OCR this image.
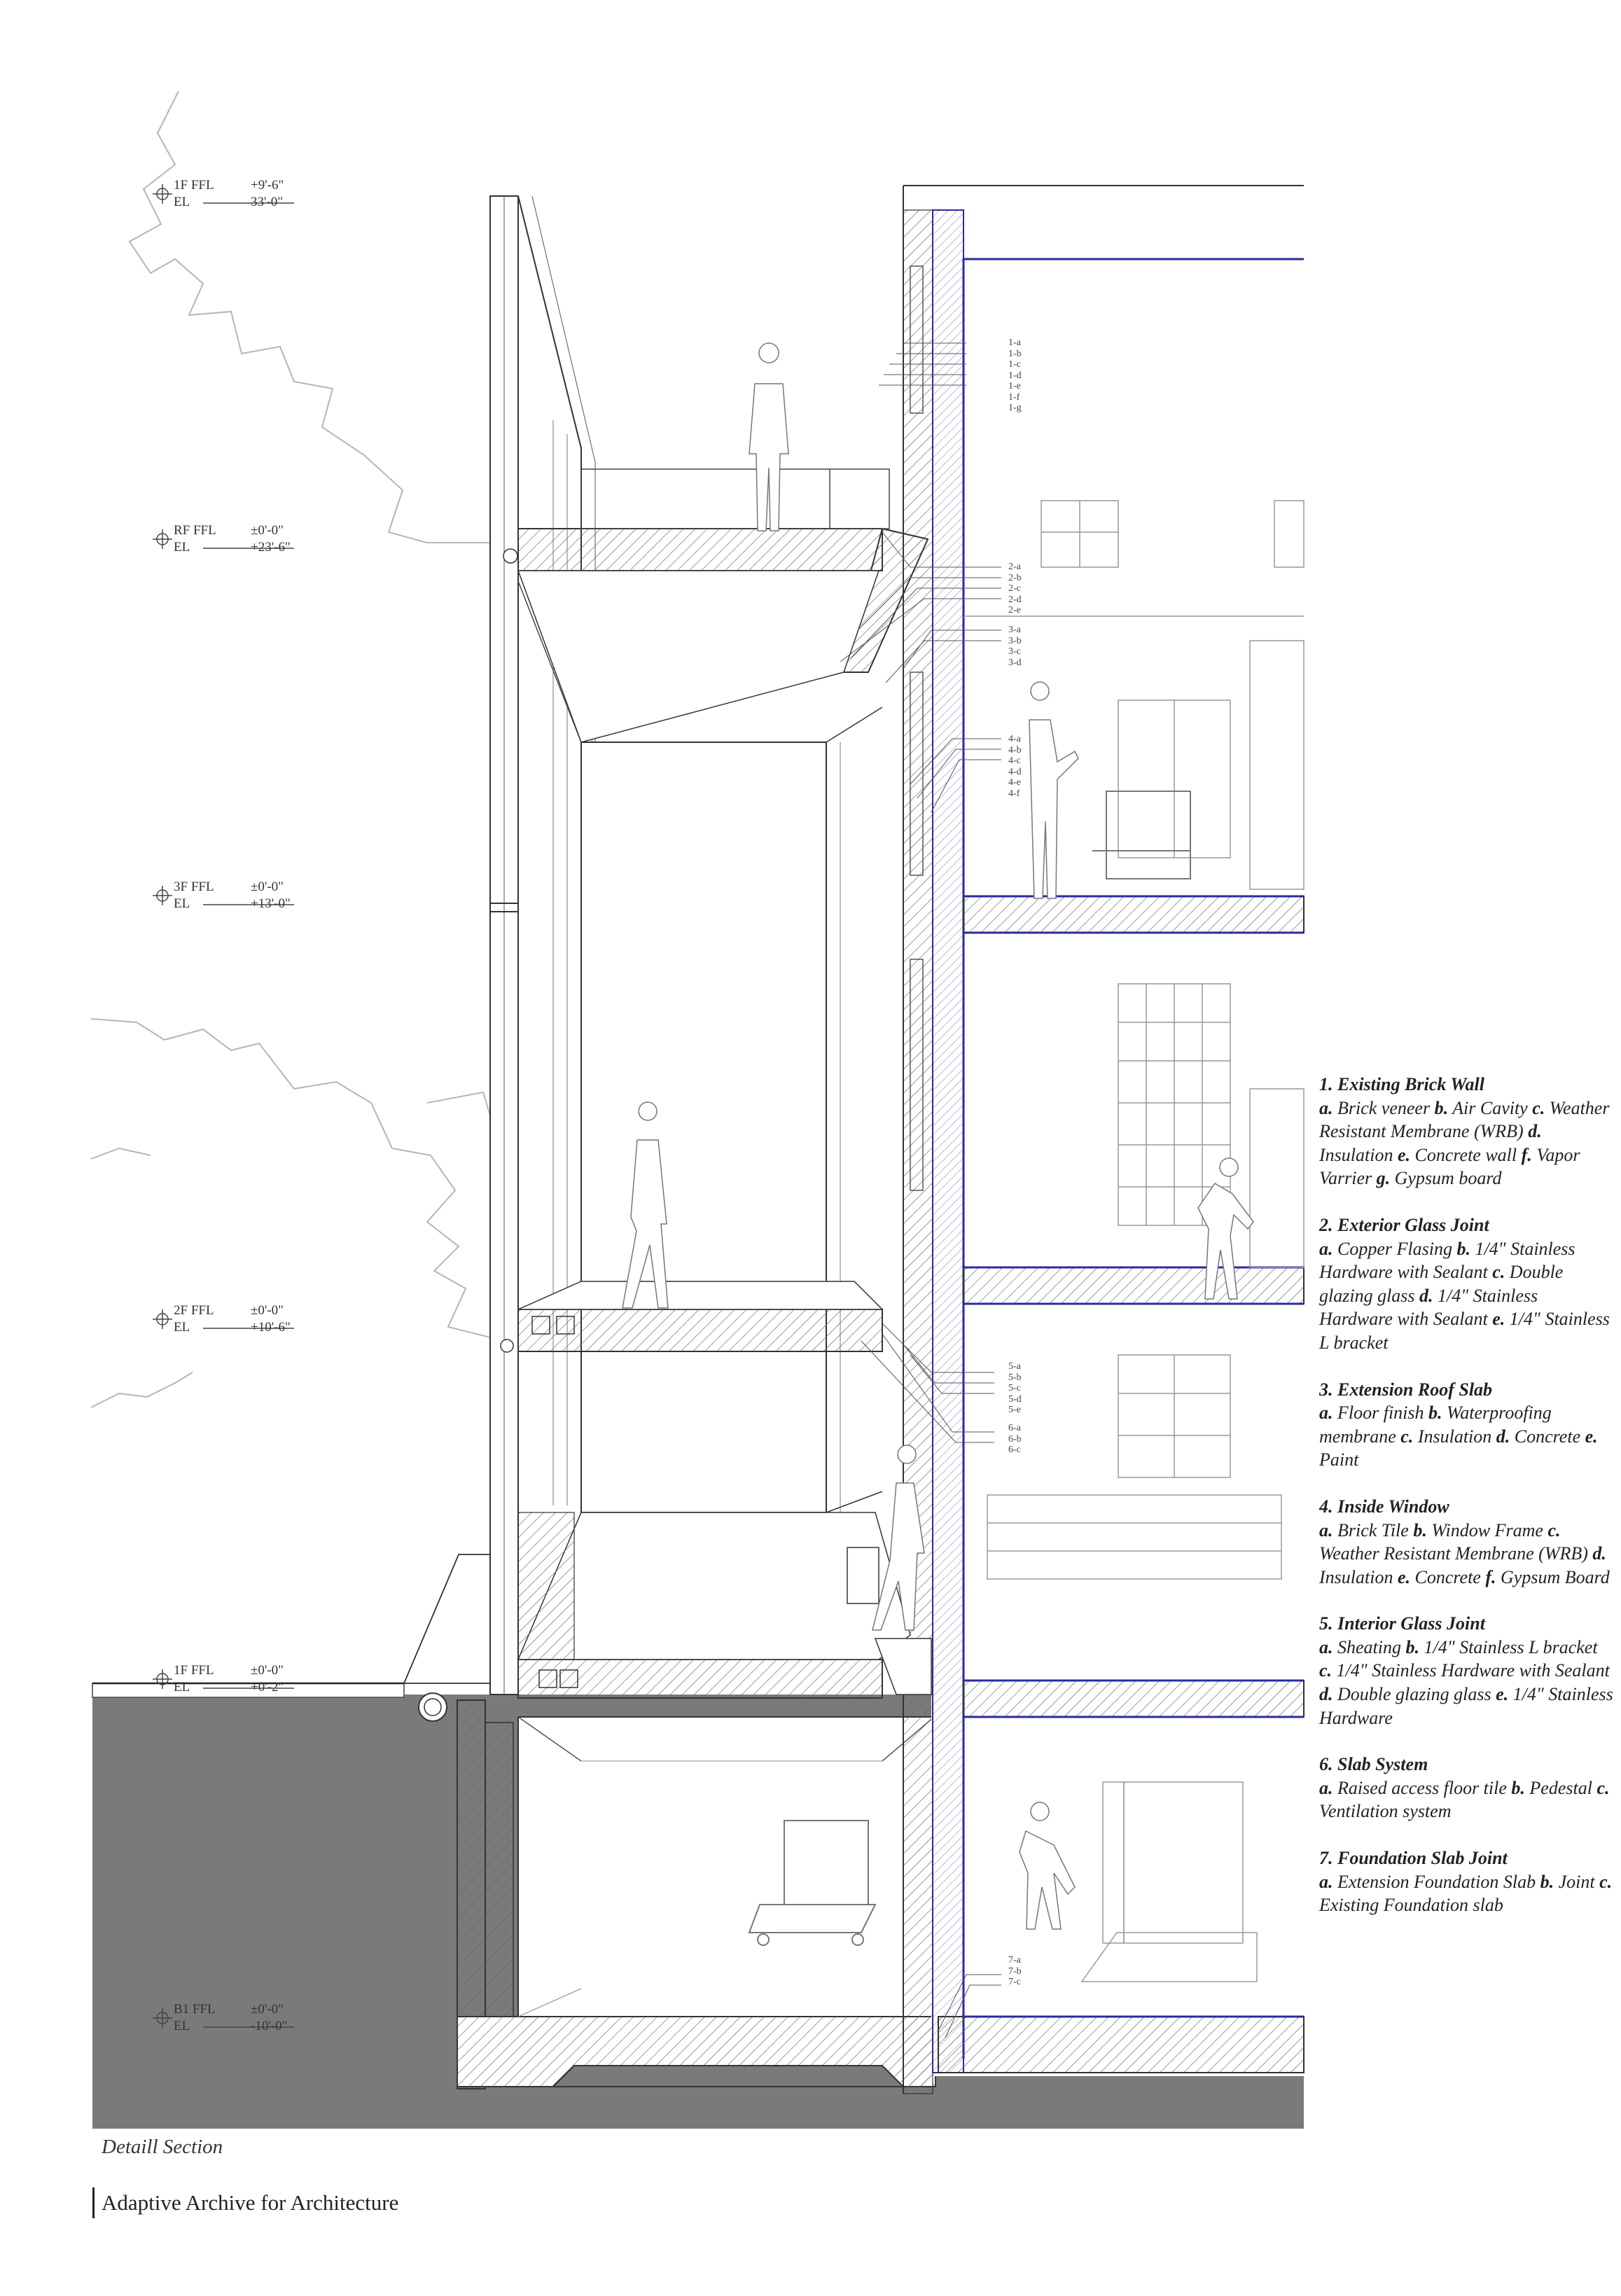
1F FFL	+9'-6"
EL	33'-0"
RF FFL	±0'-0"
EL	+23'-6"
3F FFL	±0'-0"
EL	+13'-0"
2F FFL	±0'-0"
EL	+10'-6"
1F FFL	±0'-0"
EL	+0'-2"
B1 FFL	±0'-0"
EL	-10'-0"
1-a
1-b
1-c
1-d
1-e
1-f
1-g
2-a
2-b
2-c
2-d
2-e
3-a
3-b
3-c
3-d
4-a
4-b
4-c
4-d
4-e
4-f
5-a
5-b
5-c
5-d
5-e
6-a
6-b
6-c
7-a
7-b
7-c
1. Existing Brick Wall
a. Brick veneer b. Air Cavity c. Weather Resistant Membrane (WRB) d. Insulation e. Concrete wall f. Vapor Varrier g. Gypsum board
2. Exterior Glass Joint
a. Copper Flasing b. 1/4" Stainless Hardware with Sealant c. Double glazing glass d. 1/4" Stainless Hardware with Sealant e. 1/4" Stainless L bracket
3. Extension Roof Slab
a. Floor finish b. Waterproofing membrane c. Insulation d. Concrete e. Paint
4. Inside Window
a. Brick Tile b. Window Frame c. Weather Resistant Membrane (WRB) d. Insulation e. Concrete f. Gypsum Board
5. Interior Glass Joint
a. Sheating b. 1/4" Stainless L bracket c. 1/4" Stainless Hardware with Sealant d. Double glazing glass e. 1/4" Stainless Hardware
6. Slab System
a. Raised access floor tile b. Pedestal c. Ventilation system
7. Foundation Slab Joint
a. Extension Foundation Slab b. Joint c. Existing Foundation slab
Detaill Section
Adaptive Archive for Architecture
